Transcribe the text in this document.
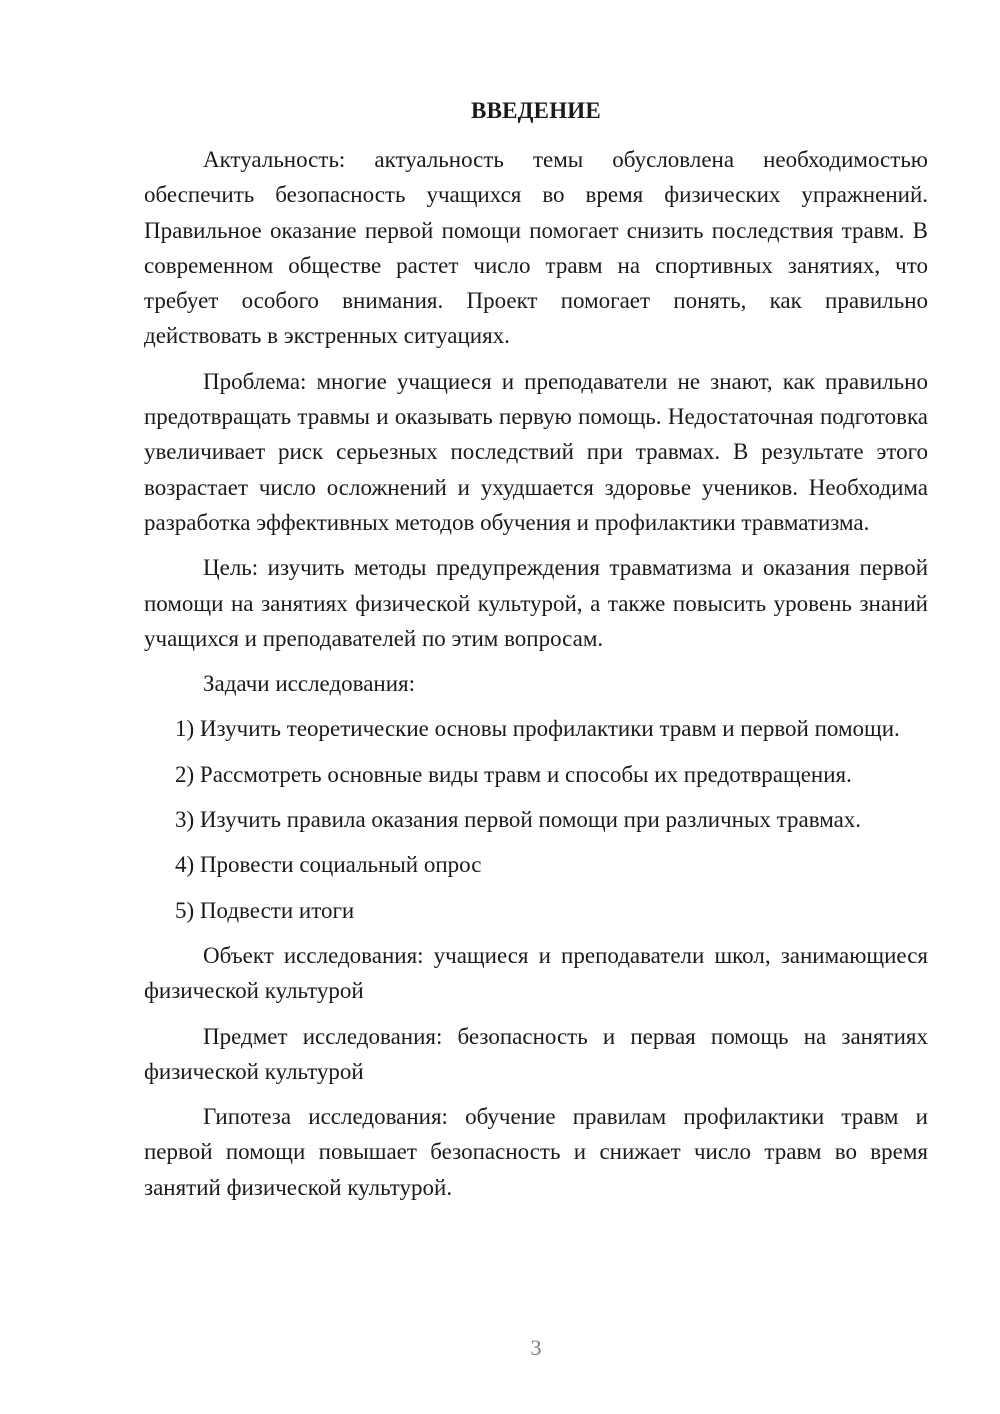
ВВЕДЕНИЕ

Актуальность: актуальность темы обусловлена необходимостью обеспечить безопасность учащихся во время физических упражнений. Правильное оказание первой помощи помогает снизить последствия травм. В современном обществе растет число травм на спортивных занятиях, что требует особого внимания. Проект помогает понять, как правильно действовать в экстренных ситуациях.

Проблема: многие учащиеся и преподаватели не знают, как правильно предотвращать травмы и оказывать первую помощь. Недостаточная подготовка увеличивает риск серьезных последствий при травмах. В результате этого возрастает число осложнений и ухудшается здоровье учеников. Необходима разработка эффективных методов обучения и профилактики травматизма.

Цель: изучить методы предупреждения травматизма и оказания первой помощи на занятиях физической культурой, а также повысить уровень знаний учащихся и преподавателей по этим вопросам.

Задачи исследования:

1) Изучить теоретические основы профилактики травм и первой помощи.

2) Рассмотреть основные виды травм и способы их предотвращения.

3) Изучить правила оказания первой помощи при различных травмах.

4) Провести социальный опрос

5) Подвести итоги

Объект исследования: учащиеся и преподаватели школ, занимающиеся физической культурой

Предмет исследования: безопасность и первая помощь на занятиях физической культурой

Гипотеза исследования: обучение правилам профилактики травм и первой помощи повышает безопасность и снижает число травм во время занятий физической культурой.

3
